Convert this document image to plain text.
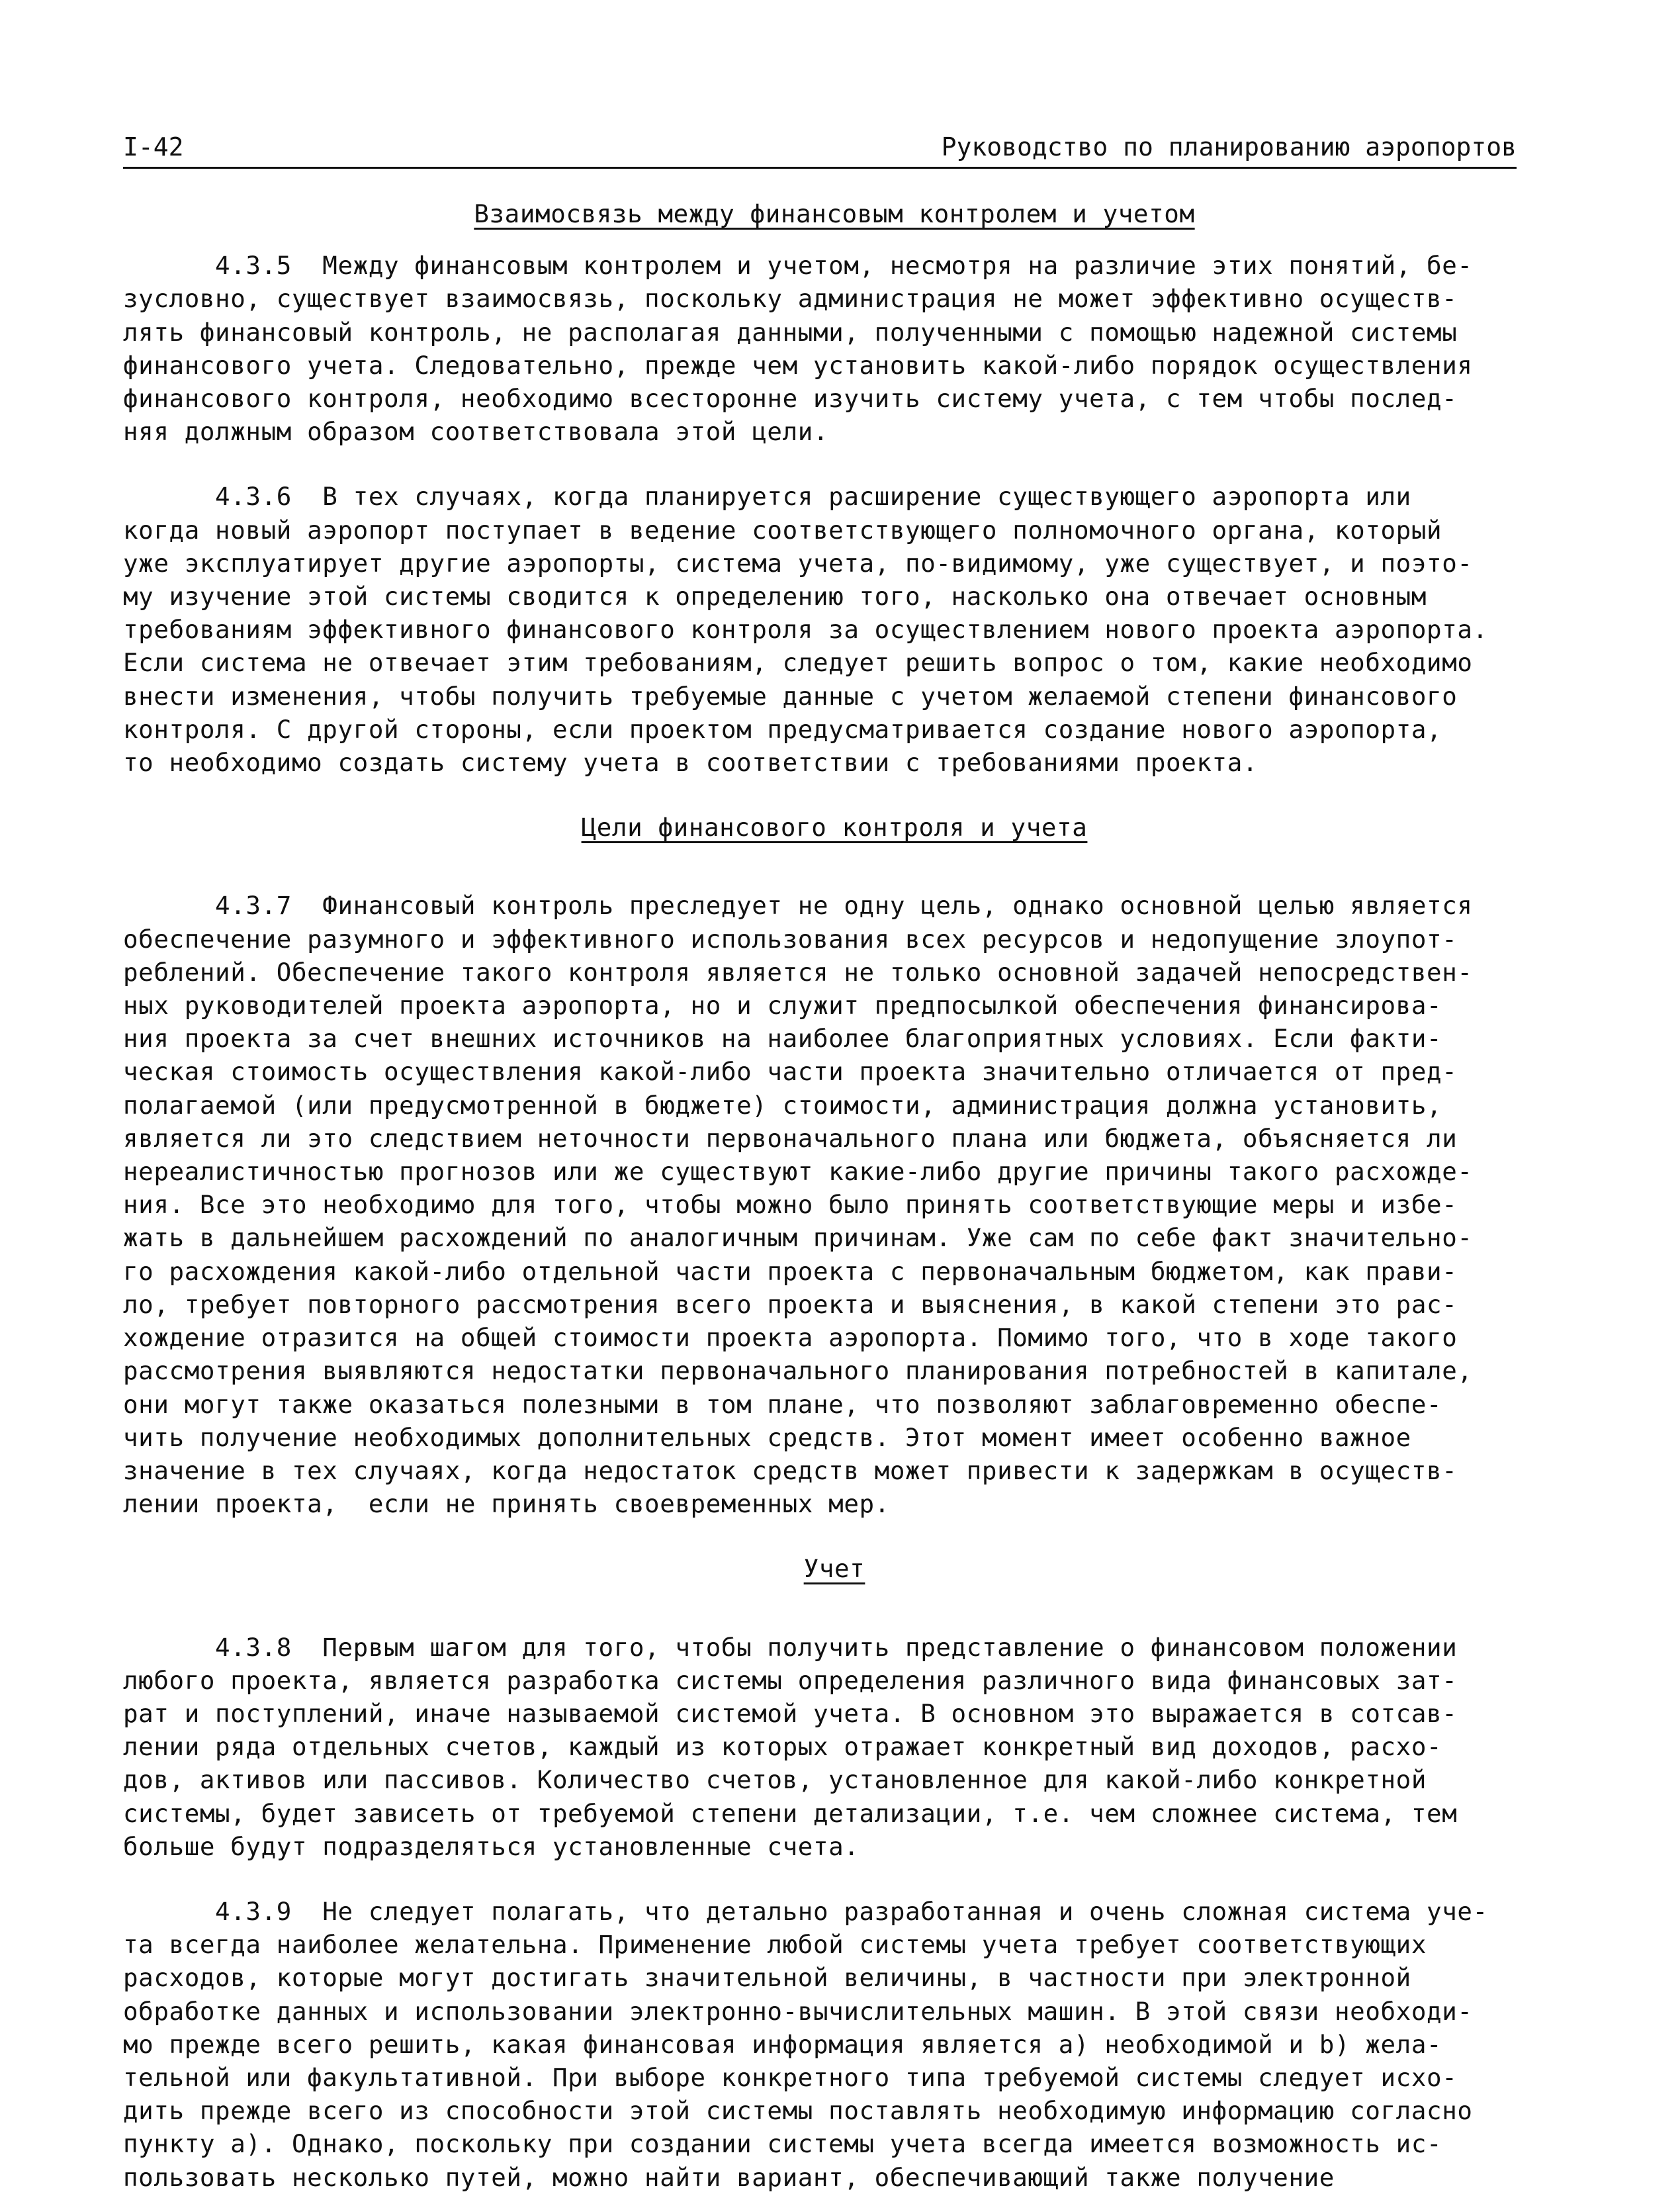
I-42	Руководство по планированию аэропортов
Взаимосвязь между финансовым контролем и учетом

4.3.5  Между финансовым контролем и учетом, несмотря на различие этих понятий, бе-
зусловно, существует взаимосвязь, поскольку администрация не может эффективно осуществ-
лять финансовый контроль, не располагая данными, полученными с помощью надежной системы
финансового учета. Следовательно, прежде чем установить какой-либо порядок осуществления
финансового контроля, необходимо всесторонне изучить систему учета, с тем чтобы послед-
няя должным образом соответствовала этой цели.

4.3.6  В тех случаях, когда планируется расширение существующего аэропорта или
когда новый аэропорт поступает в ведение соответствующего полномочного органа, который
уже эксплуатирует другие аэропорты, система учета, по-видимому, уже существует, и поэто-
му изучение этой системы сводится к определению того, насколько она отвечает основным
требованиям эффективного финансового контроля за осуществлением нового проекта аэропорта.
Если система не отвечает этим требованиям, следует решить вопрос о том, какие необходимо
внести изменения, чтобы получить требуемые данные с учетом желаемой степени финансового
контроля. С другой стороны, если проектом предусматривается создание нового аэропорта,
то необходимо создать систему учета в соответствии с требованиями проекта.

Цели финансового контроля и учета

4.3.7  Финансовый контроль преследует не одну цель, однако основной целью является
обеспечение разумного и эффективного использования всех ресурсов и недопущение злоупот-
реблений. Обеспечение такого контроля является не только основной задачей непосредствен-
ных руководителей проекта аэропорта, но и служит предпосылкой обеспечения финансирова-
ния проекта за счет внешних источников на наиболее благоприятных условиях. Если факти-
ческая стоимость осуществления какой-либо части проекта значительно отличается от пред-
полагаемой (или предусмотренной в бюджете) стоимости, администрация должна установить,
является ли это следствием неточности первоначального плана или бюджета, объясняется ли
нереалистичностью прогнозов или же существуют какие-либо другие причины такого расхожде-
ния. Все это необходимо для того, чтобы можно было принять соответствующие меры и избе-
жать в дальнейшем расхождений по аналогичным причинам. Уже сам по себе факт значительно-
го расхождения какой-либо отдельной части проекта с первоначальным бюджетом, как прави-
ло, требует повторного рассмотрения всего проекта и выяснения, в какой степени это рас-
хождение отразится на общей стоимости проекта аэропорта. Помимо того, что в ходе такого
рассмотрения выявляются недостатки первоначального планирования потребностей в капитале,
они могут также оказаться полезными в том плане, что позволяют заблаговременно обеспе-
чить получение необходимых дополнительных средств. Этот момент имеет особенно важное
значение в тех случаях, когда недостаток средств может привести к задержкам в осуществ-
лении проекта,  если не принять своевременных мер.

Учет

4.3.8  Первым шагом для того, чтобы получить представление о финансовом положении
любого проекта, является разработка системы определения различного вида финансовых зат-
рат и поступлений, иначе называемой системой учета. В основном это выражается в сотсав-
лении ряда отдельных счетов, каждый из которых отражает конкретный вид доходов, расхо-
дов, активов или пассивов. Количество счетов, установленное для какой-либо конкретной
системы, будет зависеть от требуемой степени детализации, т.е. чем сложнее система, тем
больше будут подразделяться установленные счета.

4.3.9  Не следует полагать, что детально разработанная и очень сложная система уче-
та всегда наиболее желательна. Применение любой системы учета требует соответствующих
расходов, которые могут достигать значительной величины, в частности при электронной
обработке данных и использовании электронно-вычислительных машин. В этой связи необходи-
мо прежде всего решить, какая финансовая информация является a) необходимой и b) жела-
тельной или факультативной. При выборе конкретного типа требуемой системы следует исхо-
дить прежде всего из способности этой системы поставлять необходимую информацию согласно
пункту a). Однако, поскольку при создании системы учета всегда имеется возможность ис-
пользовать несколько путей, можно найти вариант, обеспечивающий также получение
